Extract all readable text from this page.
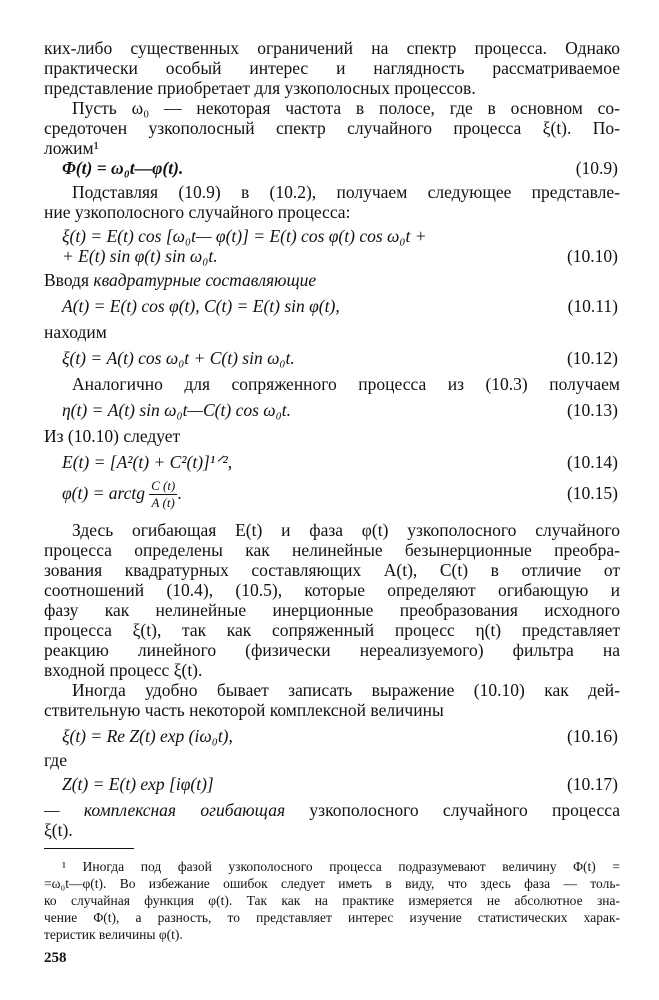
ких-либо существенных ограничений на спектр процесса. Однако
практически особый интерес и наглядность рассматриваемое
представление приобретает для узкополосных процессов.
Пусть ω₀ — некоторая частота в полосе, где в основном со-
средоточен узкополосный спектр случайного процесса ξ(t). По-
ложим¹
Φ(t) = ω₀t—φ(t).	(10.9)
Подставляя (10.9) в (10.2), получаем следующее представле-
ние узкополосного случайного процесса:
ξ(t) = E(t) cos [ω₀t— φ(t)] = E(t) cos φ(t) cos ω₀t +
+ E(t) sin φ(t) sin ω₀t.	(10.10)
Вводя квадратурные составляющие
A(t) = E(t) cos φ(t), C(t) = E(t) sin φ(t),	(10.11)
находим
ξ(t) = A(t) cos ω₀t + C(t) sin ω₀t.	(10.12)
Аналогично для сопряженного процесса из (10.3) получаем
η(t) = A(t) sin ω₀t—C(t) cos ω₀t.	(10.13)
Из (10.10) следует
E(t) = [A²(t) + C²(t)]¹ᐟ²,	(10.14)
φ(t) = arctg $\frac{C (t)}{A (t)}$ .	(10.15)
Здесь огибающая E(t) и фаза φ(t) узкополосного случайного
процесса определены как нелинейные безынерционные преобра-
зования квадратурных составляющих A(t), C(t) в отличие от
соотношений (10.4), (10.5), которые определяют огибающую и
фазу как нелинейные инерционные преобразования исходного
процесса ξ(t), так как сопряженный процесс η(t) представляет
реакцию линейного (физически нереализуемого) фильтра на
входной процесс ξ(t).
Иногда удобно бывает записать выражение (10.10) как дей-
ствительную часть некоторой комплексной величины
ξ(t) = Re Z(t) exp (iω₀t),	(10.16)
где
Z(t) = E(t) exp [iφ(t)]	(10.17)
— комплексная огибающая узкополосного случайного процесса
ξ(t).
¹ Иногда под фазой узкополосного процесса подразумевают величину Φ(t) =
=ω₀t—φ(t). Во избежание ошибок следует иметь в виду, что здесь фаза — толь-
ко случайная функция φ(t). Так как на практике измеряется не абсолютное зна-
чение Φ(t), а разность, то представляет интерес изучение статистических харак-
теристик величины φ(t).
258
